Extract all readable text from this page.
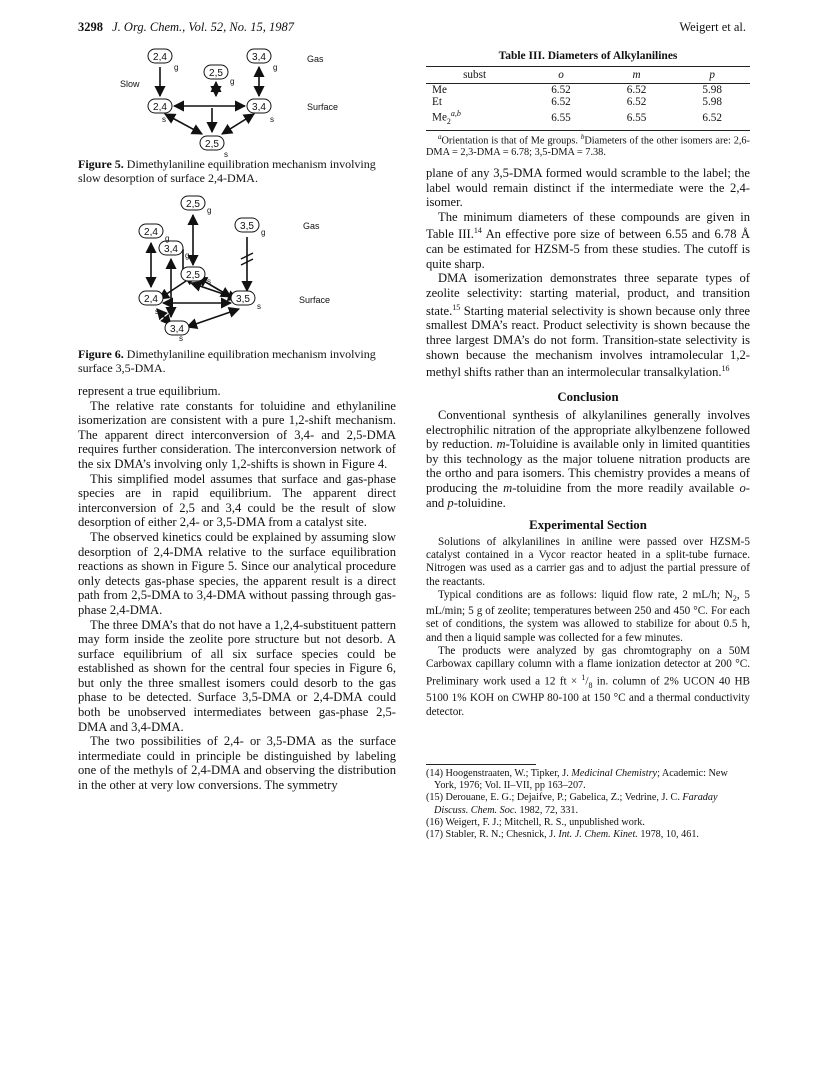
3298 J. Org. Chem., Vol. 52, No. 15, 1987	Weigert et al.
2,4
2,5
3,4
2,4	3,4
2,5
g
g
g
s	s
s
Slow
Gas
Surface
Figure 5. Dimethylaniline equilibration mechanism involving slow desorption of surface 2,4-DMA.
2,5
2,4
3,5
3,4
2,5
2,4	3,5
3,4
g
g
g
g
s
s
s
s
Gas
Surface
Figure 6. Dimethylaniline equilibration mechanism involving surface 3,5-DMA.

represent a true equilibrium.

The relative rate constants for toluidine and ethylaniline isomerization are consistent with a pure 1,2-shift mechanism. The apparent direct interconversion of 3,4- and 2,5-DMA requires further consideration. The interconversion network of the six DMA’s involving only 1,2-shifts is shown in Figure 4.

This simplified model assumes that surface and gas-phase species are in rapid equilibrium. The apparent direct interconversion of 2,5 and 3,4 could be the result of slow desorption of either 2,4- or 3,5-DMA from a catalyst site.

The observed kinetics could be explained by assuming slow desorption of 2,4-DMA relative to the surface equilibration reactions as shown in Figure 5. Since our analytical procedure only detects gas-phase species, the apparent result is a direct path from 2,5-DMA to 3,4-DMA without passing through gas-phase 2,4-DMA.

The three DMA’s that do not have a 1,2,4-substituent pattern may form inside the zeolite pore structure but not desorb. A surface equilibrium of all six surface species could be established as shown for the central four species in Figure 6, but only the three smallest isomers could desorb to the gas phase to be detected. Surface 3,5-DMA or 2,4-DMA could both be unobserved intermediates between gas-phase 2,5-DMA and 3,4-DMA.

The two possibilities of 2,4- or 3,5-DMA as the surface intermediate could in principle be distinguished by labeling one of the methyls of 2,4-DMA and observing the distribution in the other at very low conversions. The symmetry

Table III. Diameters of Alkylanilines
subst	o	m	p
Me	6.52	6.52	5.98
Et	6.52	6.52	5.98
$Me_2^{a,b}$	6.55	6.55	6.52
$^a$Orientation is that of Me groups. $^b$Diameters of the other isomers are: 2,6-DMA = 2,3-DMA = 6.78; 3,5-DMA = 7.38.

plane of any 3,5-DMA formed would scramble to the label; the label would remain distinct if the intermediate were the 2,4-isomer.

The minimum diameters of these compounds are given in Table III.$^{14}$ An effective pore size of between 6.55 and 6.78 Å can be estimated for HZSM-5 from these studies. The cutoff is quite sharp.

DMA isomerization demonstrates three separate types of zeolite selectivity: starting material, product, and transition state.$^{15}$ Starting material selectivity is shown because only three smallest DMA’s react. Product selectivity is shown because the three largest DMA’s do not form. Transition-state selectivity is shown because the mechanism involves intramolecular 1,2-methyl shifts rather than an intermolecular transalkylation.$^{16}$

Conclusion

Conventional synthesis of alkylanilines generally involves electrophilic nitration of the appropriate alkylbenzene followed by reduction. m-Toluidine is available only in limited quantities by this technology as the major toluene nitration products are the ortho and para isomers. This chemistry provides a means of producing the m-toluidine from the more readily available o- and p-toluidine.

Experimental Section

Solutions of alkylanilines in aniline were passed over HZSM-5 catalyst contained in a Vycor reactor heated in a split-tube furnace. Nitrogen was used as a carrier gas and to adjust the partial pressure of the reactants.

Typical conditions are as follows: liquid flow rate, 2 mL/h; $N_2$, 5 mL/min; 5 g of zeolite; temperatures between 250 and 450 °C. For each set of conditions, the system was allowed to stabilize for about 0.5 h, and then a liquid sample was collected for a few minutes.

The products were analyzed by gas chromtography on a 50M Carbowax capillary column with a flame ionization detector at 200 °C. Preliminary work used a 12 ft × $^1/_8$ in. column of 2% UCON 40 HB 5100 1% KOH on CWHP 80-100 at 150 °C and a thermal conductivity detector.

(14) Hoogenstraaten, W.; Tipker, J. Medicinal Chemistry; Academic: New York, 1976; Vol. II–VII, pp 163–207.

(15) Derouane, E. G.; Dejaifve, P.; Gabelica, Z.; Vedrine, J. C. Faraday Discuss. Chem. Soc. 1982, 72, 331.

(16) Weigert, F. J.; Mitchell, R. S., unpublished work.

(17) Stabler, R. N.; Chesnick, J. Int. J. Chem. Kinet. 1978, 10, 461.
